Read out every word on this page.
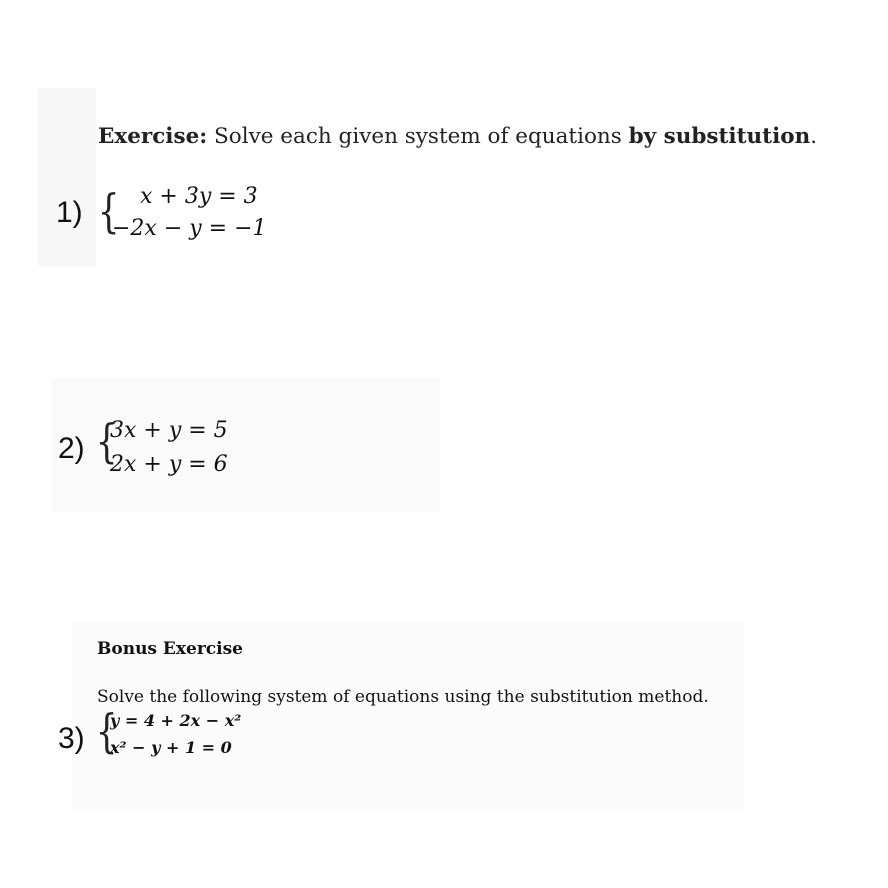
Exercise: Solve each given system of equations by substitution.
1) { x + 3y = 3
−2x − y = −1
2) {
3x + y = 5
2x + y = 6
Bonus Exercise
Solve the following system of equations using the substitution method.
3) {
y = 4 + 2x − x²
x² − y + 1 = 0
